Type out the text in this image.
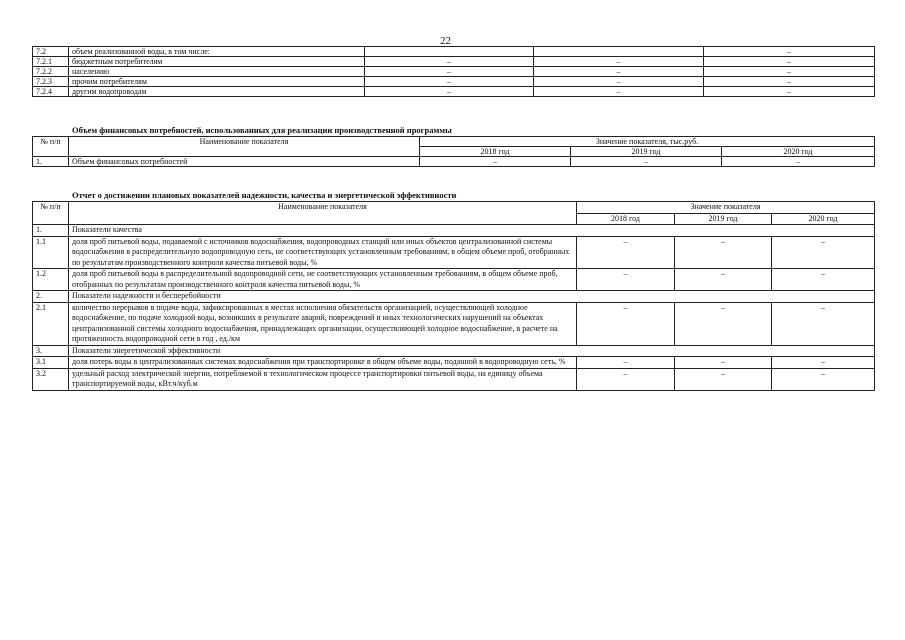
22
7.2	объем реализованной воды, в том числе:			–
7.2.1	бюджетным потребителям	–	–	–
7.2.2	населению	–	–	–
7.2.3	прочим потребителям	–	–	–
7.2.4	другим водопроводам	–	–	–
Объем финансовых потребностей, использованных для реализации производственной программы
№ п/п	Наименование показателя	Значение показателя, тыс.руб.		
		2018 год	2019 год	2020 год
1.	Объем финансовых потребностей	–	–	–
Отчет о достижении плановых показателей надежности, качества и энергетической эффективности
№ п/п	Наименование показателя	Значение показателя		
		2018 год	2019 год	2020 год
1.	Показатели качества			
1.1	доля проб питьевой воды, подаваемой с источников водоснабжения, водопроводных станций или иных объектов централизованной системы водоснабжения в распределительную водопроводную сеть, не соответствующих установленным требованиям, в общем объеме проб, отобранных по результатам производственного контроля качества питьевой воды, %	–	–	–
1.2	доля проб питьевой воды в распределительной водопроводной сети, не соответствующих установленным требованиям, в общем объеме проб, отобранных по результатам производственного контроля качества питьевой воды, %	–	–	–
2.	Показатели надежности и бесперебойности			
2.1	количество перерывов в подаче воды, зафиксированных в местах исполнения обязательств организацией, осуществляющей холодное водоснабжение, по подаче холодной воды, возникших в результате аварий, повреждений и иных технологических нарушений на объектах централизованной системы холодного водоснабжения, принадлежащих организации, осуществляющей холодное водоснабжение, в расчете на протяженность водопроводной сети в год , ед./км	–	–	–
3.	Показатели энергетической эффективности			
3.1	доля потерь воды в централизованных системах водоснабжения при транспортировке в общем объеме воды, поданной в водопроводную сеть, %	–	–	–
3.2	удельный расход электрической энергии, потребляемой в технологическом процессе транспортировки питьевой воды, на единицу объема транспортируемой воды, кВт.ч/куб.м	–	–	–
